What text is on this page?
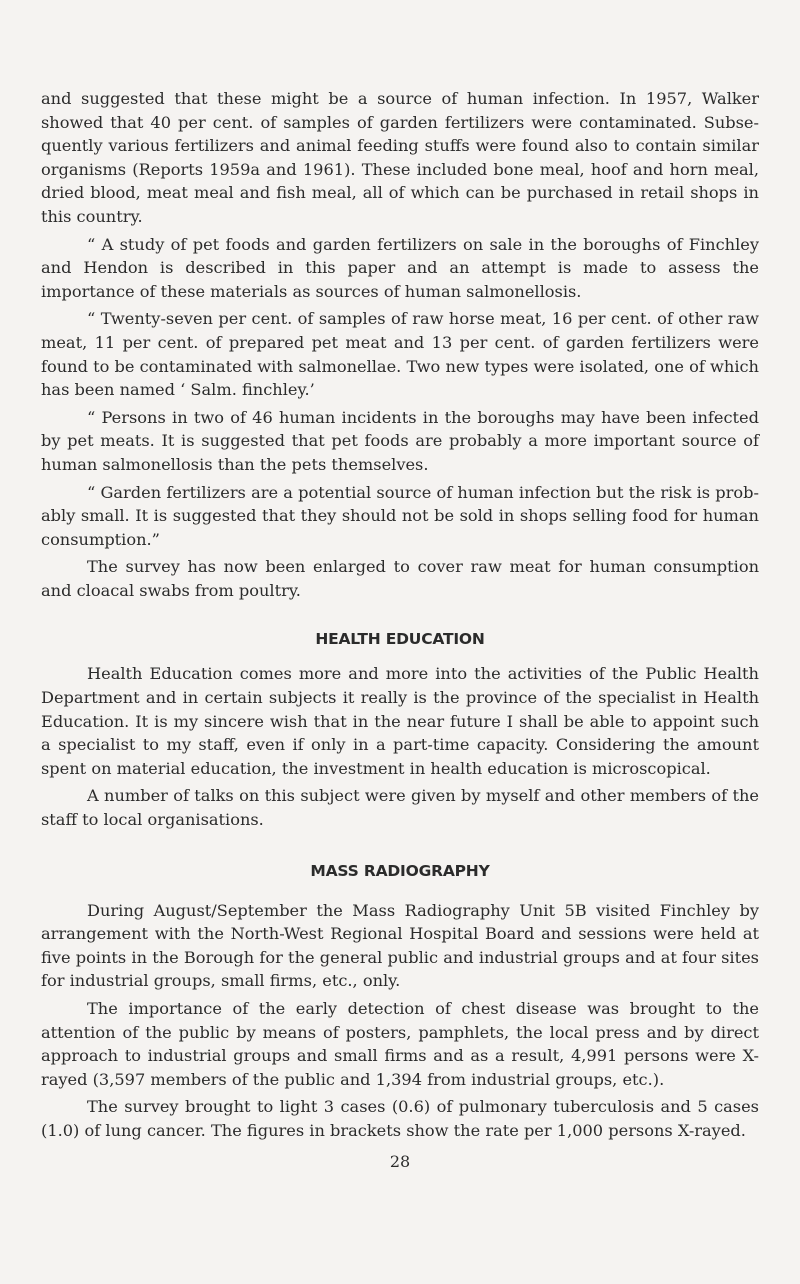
and suggested that these might be a source of human infection. In 1957, Walker showed that 40 per cent. of samples of garden fertilizers were contaminated. Subsequently various fertilizers and animal feeding stuffs were found also to contain similar organisms (Reports 1959a and 1961). These included bone meal, hoof and horn meal, dried blood, meat meal and fish meal, all of which can be purchased in retail shops in this country.

“ A study of pet foods and garden fertilizers on sale in the boroughs of Finchley and Hendon is described in this paper and an attempt is made to assess the importance of these materials as sources of human salmonellosis.

“ Twenty-seven per cent. of samples of raw horse meat, 16 per cent. of other raw meat, 11 per cent. of prepared pet meat and 13 per cent. of garden fertilizers were found to be contaminated with salmonellae. Two new types were isolated, one of which has been named ‘ Salm. finchley.’

“ Persons in two of 46 human incidents in the boroughs may have been infected by pet meats. It is suggested that pet foods are probably a more important source of human salmonellosis than the pets themselves.

“ Garden fertilizers are a potential source of human infection but the risk is probably small. It is suggested that they should not be sold in shops selling food for human consumption.”

The survey has now been enlarged to cover raw meat for human consumption and cloacal swabs from poultry.

HEALTH EDUCATION

Health Education comes more and more into the activities of the Public Health Department and in certain subjects it really is the province of the specialist in Health Education. It is my sincere wish that in the near future I shall be able to appoint such a specialist to my staff, even if only in a part-time capacity. Considering the amount spent on material education, the investment in health education is microscopical.

A number of talks on this subject were given by myself and other members of the staff to local organisations.

MASS RADIOGRAPHY

During August/September the Mass Radiography Unit 5B visited Finchley by arrangement with the North-West Regional Hospital Board and sessions were held at five points in the Borough for the general public and industrial groups and at four sites for industrial groups, small firms, etc., only.

The importance of the early detection of chest disease was brought to the attention of the public by means of posters, pamphlets, the local press and by direct approach to industrial groups and small firms and as a result, 4,991 persons were X-rayed (3,597 members of the public and 1,394 from industrial groups, etc.).

The survey brought to light 3 cases (0.6) of pulmonary tuberculosis and 5 cases (1.0) of lung cancer. The figures in brackets show the rate per 1,000 persons X-rayed.

28
